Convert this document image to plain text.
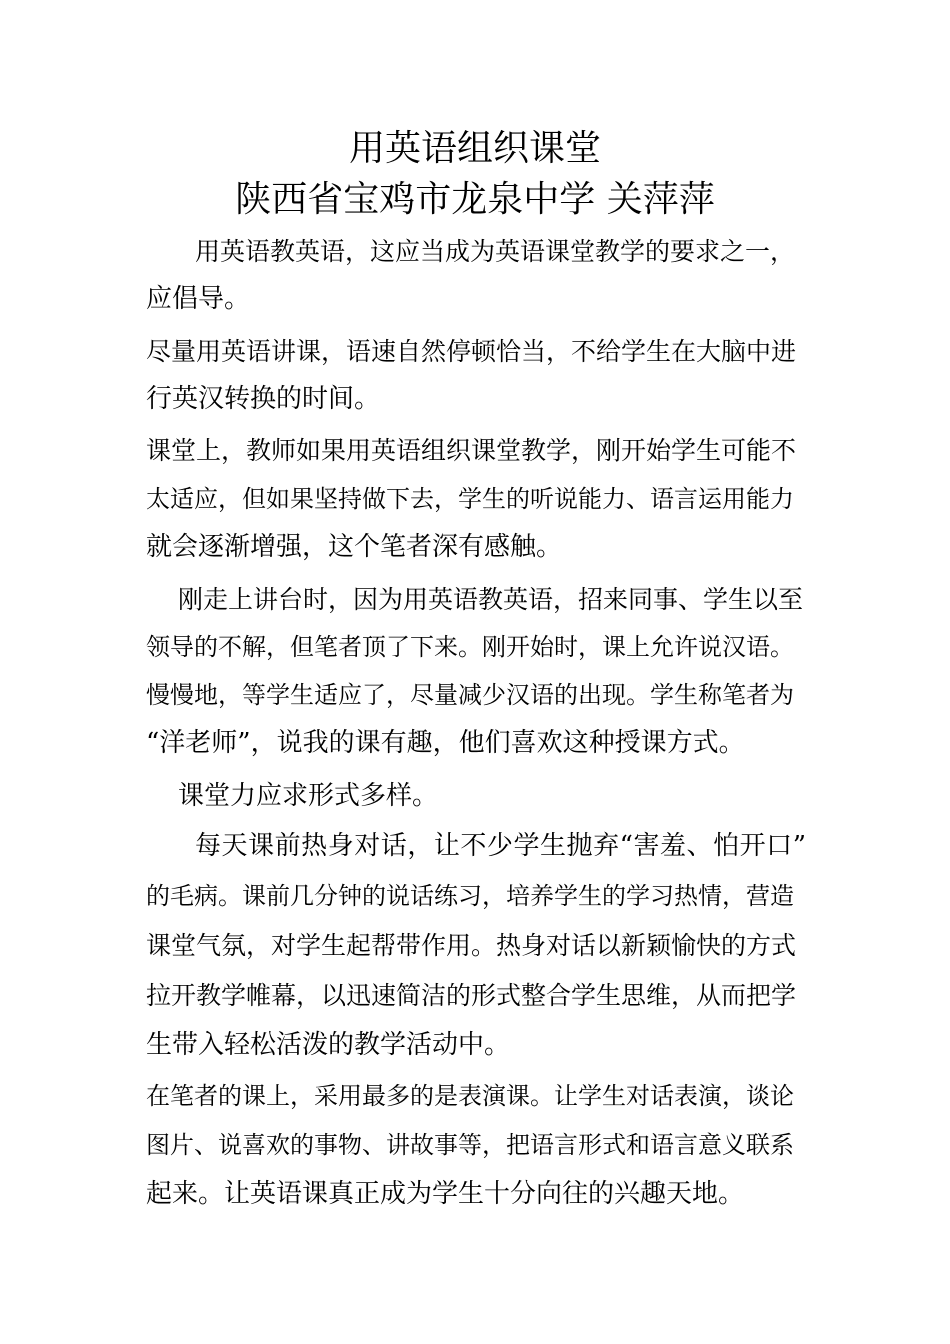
用英语组织课堂
陕西省宝鸡市龙泉中学 关萍萍

用英语教英语，这应当成为英语课堂教学的要求之一，

应倡导。

尽量用英语讲课，语速自然停顿恰当，不给学生在大脑中进

行英汉转换的时间。

课堂上，教师如果用英语组织课堂教学，刚开始学生可能不

太适应，但如果坚持做下去，学生的听说能力、语言运用能力

就会逐渐增强，这个笔者深有感触。

刚走上讲台时，因为用英语教英语，招来同事、学生以至

领导的不解，但笔者顶了下来。刚开始时，课上允许说汉语。

慢慢地，等学生适应了，尽量减少汉语的出现。学生称笔者为

“洋老师”，说我的课有趣，他们喜欢这种授课方式。

课堂力应求形式多样。

每天课前热身对话，让不少学生抛弃“害羞、怕开口”

的毛病。课前几分钟的说话练习，培养学生的学习热情，营造

课堂气氛，对学生起帮带作用。热身对话以新颖愉快的方式

拉开教学帷幕，以迅速简洁的形式整合学生思维，从而把学

生带入轻松活泼的教学活动中。

在笔者的课上，采用最多的是表演课。让学生对话表演，谈论

图片、说喜欢的事物、讲故事等，把语言形式和语言意义联系

起来。让英语课真正成为学生十分向往的兴趣天地。
